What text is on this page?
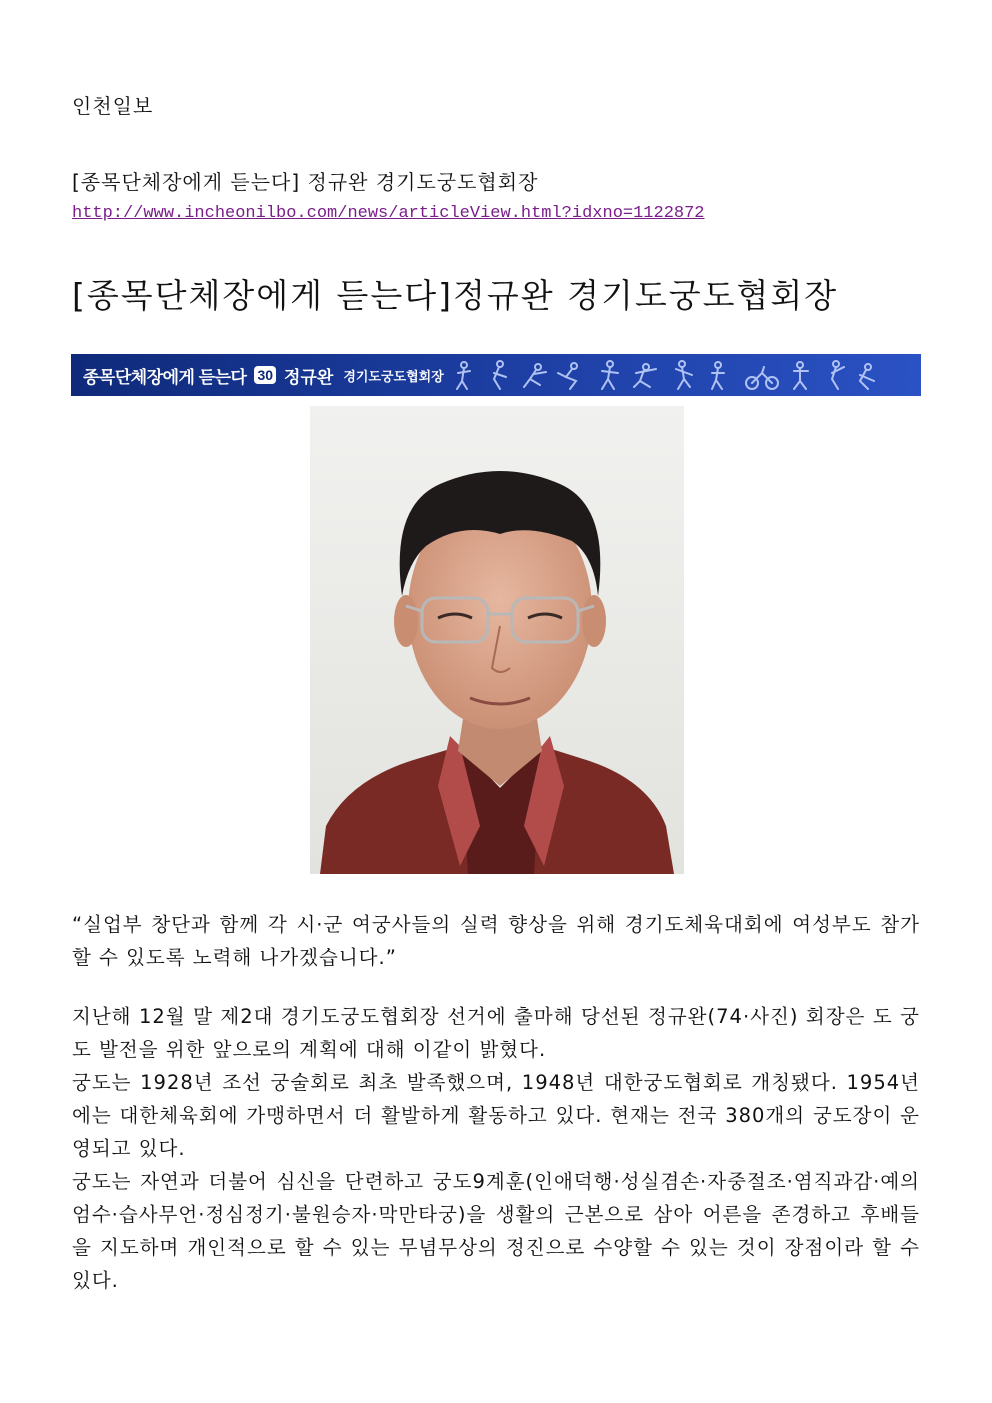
인천일보
[종목단체장에게 듣는다] 정규완 경기도궁도협회장
http://www.incheonilbo.com/news/articleView.html?idxno=1122872
[종목단체장에게 듣는다]정규완 경기도궁도협회장
종목단체장에게 듣는다 30 정규완 경기도궁도협회장
“실업부 창단과 함께 각 시·군 여궁사들의 실력 향상을 위해 경기도체육대회에 여성부도 참가할 수 있도록 노력해 나가겠습니다.”
지난해 12월 말 제2대 경기도궁도협회장 선거에 출마해 당선된 정규완(74·사진) 회장은 도 궁도 발전을 위한 앞으로의 계획에 대해 이같이 밝혔다.
궁도는 1928년 조선 궁술회로 최초 발족했으며, 1948년 대한궁도협회로 개칭됐다. 1954년에는 대한체육회에 가맹하면서 더 활발하게 활동하고 있다. 현재는 전국 380개의 궁도장이 운영되고 있다.
궁도는 자연과 더불어 심신을 단련하고 궁도9계훈(인애덕행·성실겸손·자중절조·염직과감·예의엄수·습사무언·정심정기·불원승자·막만타궁)을 생활의 근본으로 삼아 어른을 존경하고 후배들을 지도하며 개인적으로 할 수 있는 무념무상의 정진으로 수양할 수 있는 것이 장점이라 할 수 있다.
